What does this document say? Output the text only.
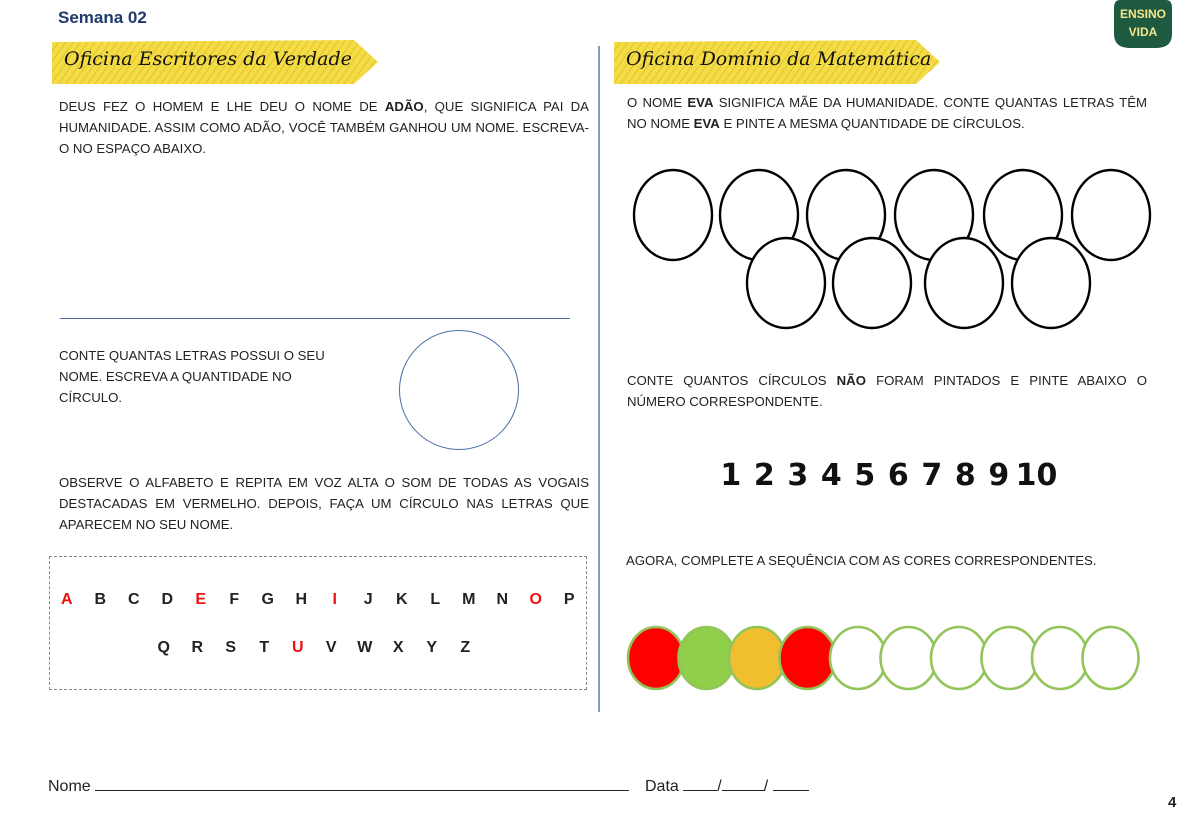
Semana 02	ENSINO
VIDA
Oficina Escritores da Verdade	Oficina Domínio da Matemática
DEUS FEZ O HOMEM E LHE DEU O NOME DE ADÃO, QUE SIGNIFICA PAI DA HUMANIDADE. ASSIM COMO ADÃO, VOCÊ TAMBÉM GANHOU UM NOME. ESCREVA-O NO ESPAÇO ABAIXO.
CONTE QUANTAS LETRAS POSSUI O SEU NOME. ESCREVA A QUANTIDADE NO CÍRCULO.
OBSERVE O ALFABETO E REPITA EM VOZ ALTA O SOM DE TODAS AS VOGAIS DESTACADAS EM VERMELHO. DEPOIS, FAÇA UM CÍRCULO NAS LETRAS QUE APARECEM NO SEU NOME.
A	B	C	D	E	F	G	H	I	J	K	L	M	N	O	P
Q	R	S	T	U	V	W	X	Y	Z
O NOME EVA SIGNIFICA MÃE DA HUMANIDADE. CONTE QUANTAS LETRAS TÊM NO NOME EVA E PINTE A MESMA QUANTIDADE DE CÍRCULOS.
CONTE QUANTOS CÍRCULOS NÃO FORAM PINTADOS E PINTE ABAIXO O NÚMERO CORRESPONDENTE.
1 2 3 4 5 6 7 8 9 10
AGORA, COMPLETE A SEQUÊNCIA COM AS CORES CORRESPONDENTES.
Nome	Data /	/
4
